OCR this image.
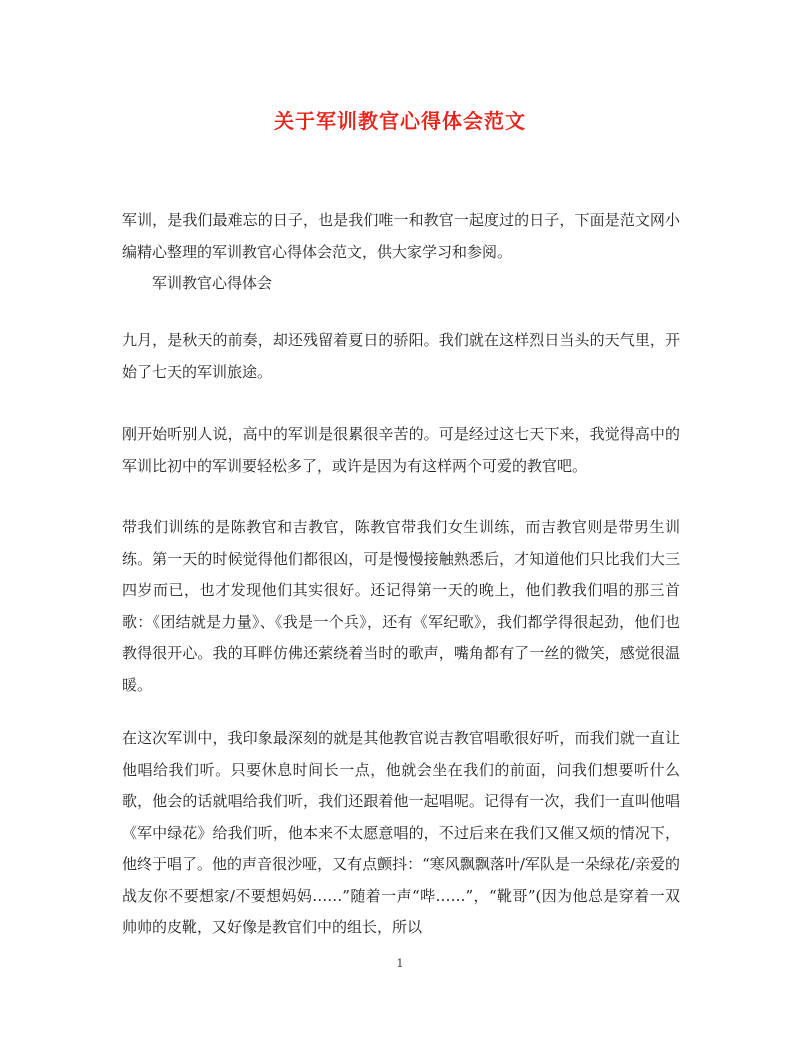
关于军训教官心得体会范文
军训，是我们最难忘的日子，也是我们唯一和教官一起度过的日子，下面是范文网小编精心整理的军训教官心得体会范文，供大家学习和参阅。
军训教官心得体会
九月，是秋天的前奏，却还残留着夏日的骄阳。我们就在这样烈日当头的天气里，开始了七天的军训旅途。
刚开始听别人说，高中的军训是很累很辛苦的。可是经过这七天下来，我觉得高中的军训比初中的军训要轻松多了，或许是因为有这样两个可爱的教官吧。
带我们训练的是陈教官和吉教官，陈教官带我们女生训练，而吉教官则是带男生训练。第一天的时候觉得他们都很凶，可是慢慢接触熟悉后，才知道他们只比我们大三四岁而已，也才发现他们其实很好。还记得第一天的晚上，他们教我们唱的那三首歌：《团结就是力量》、《我是一个兵》，还有《军纪歌》，我们都学得很起劲，他们也教得很开心。我的耳畔仿佛还萦绕着当时的歌声，嘴角都有了一丝的微笑，感觉很温暖。
在这次军训中，我印象最深刻的就是其他教官说吉教官唱歌很好听，而我们就一直让他唱给我们听。只要休息时间长一点，他就会坐在我们的前面，问我们想要听什么歌，他会的话就唱给我们听，我们还跟着他一起唱呢。记得有一次，我们一直叫他唱《军中绿花》给我们听，他本来不太愿意唱的，不过后来在我们又催又烦的情况下，他终于唱了。他的声音很沙哑，又有点颤抖：“寒风飘飘落叶/军队是一朵绿花/亲爱的战友你不要想家/不要想妈妈……”随着一声“哔……”，“靴哥”(因为他总是穿着一双帅帅的皮靴，又好像是教官们中的组长，所以
1
